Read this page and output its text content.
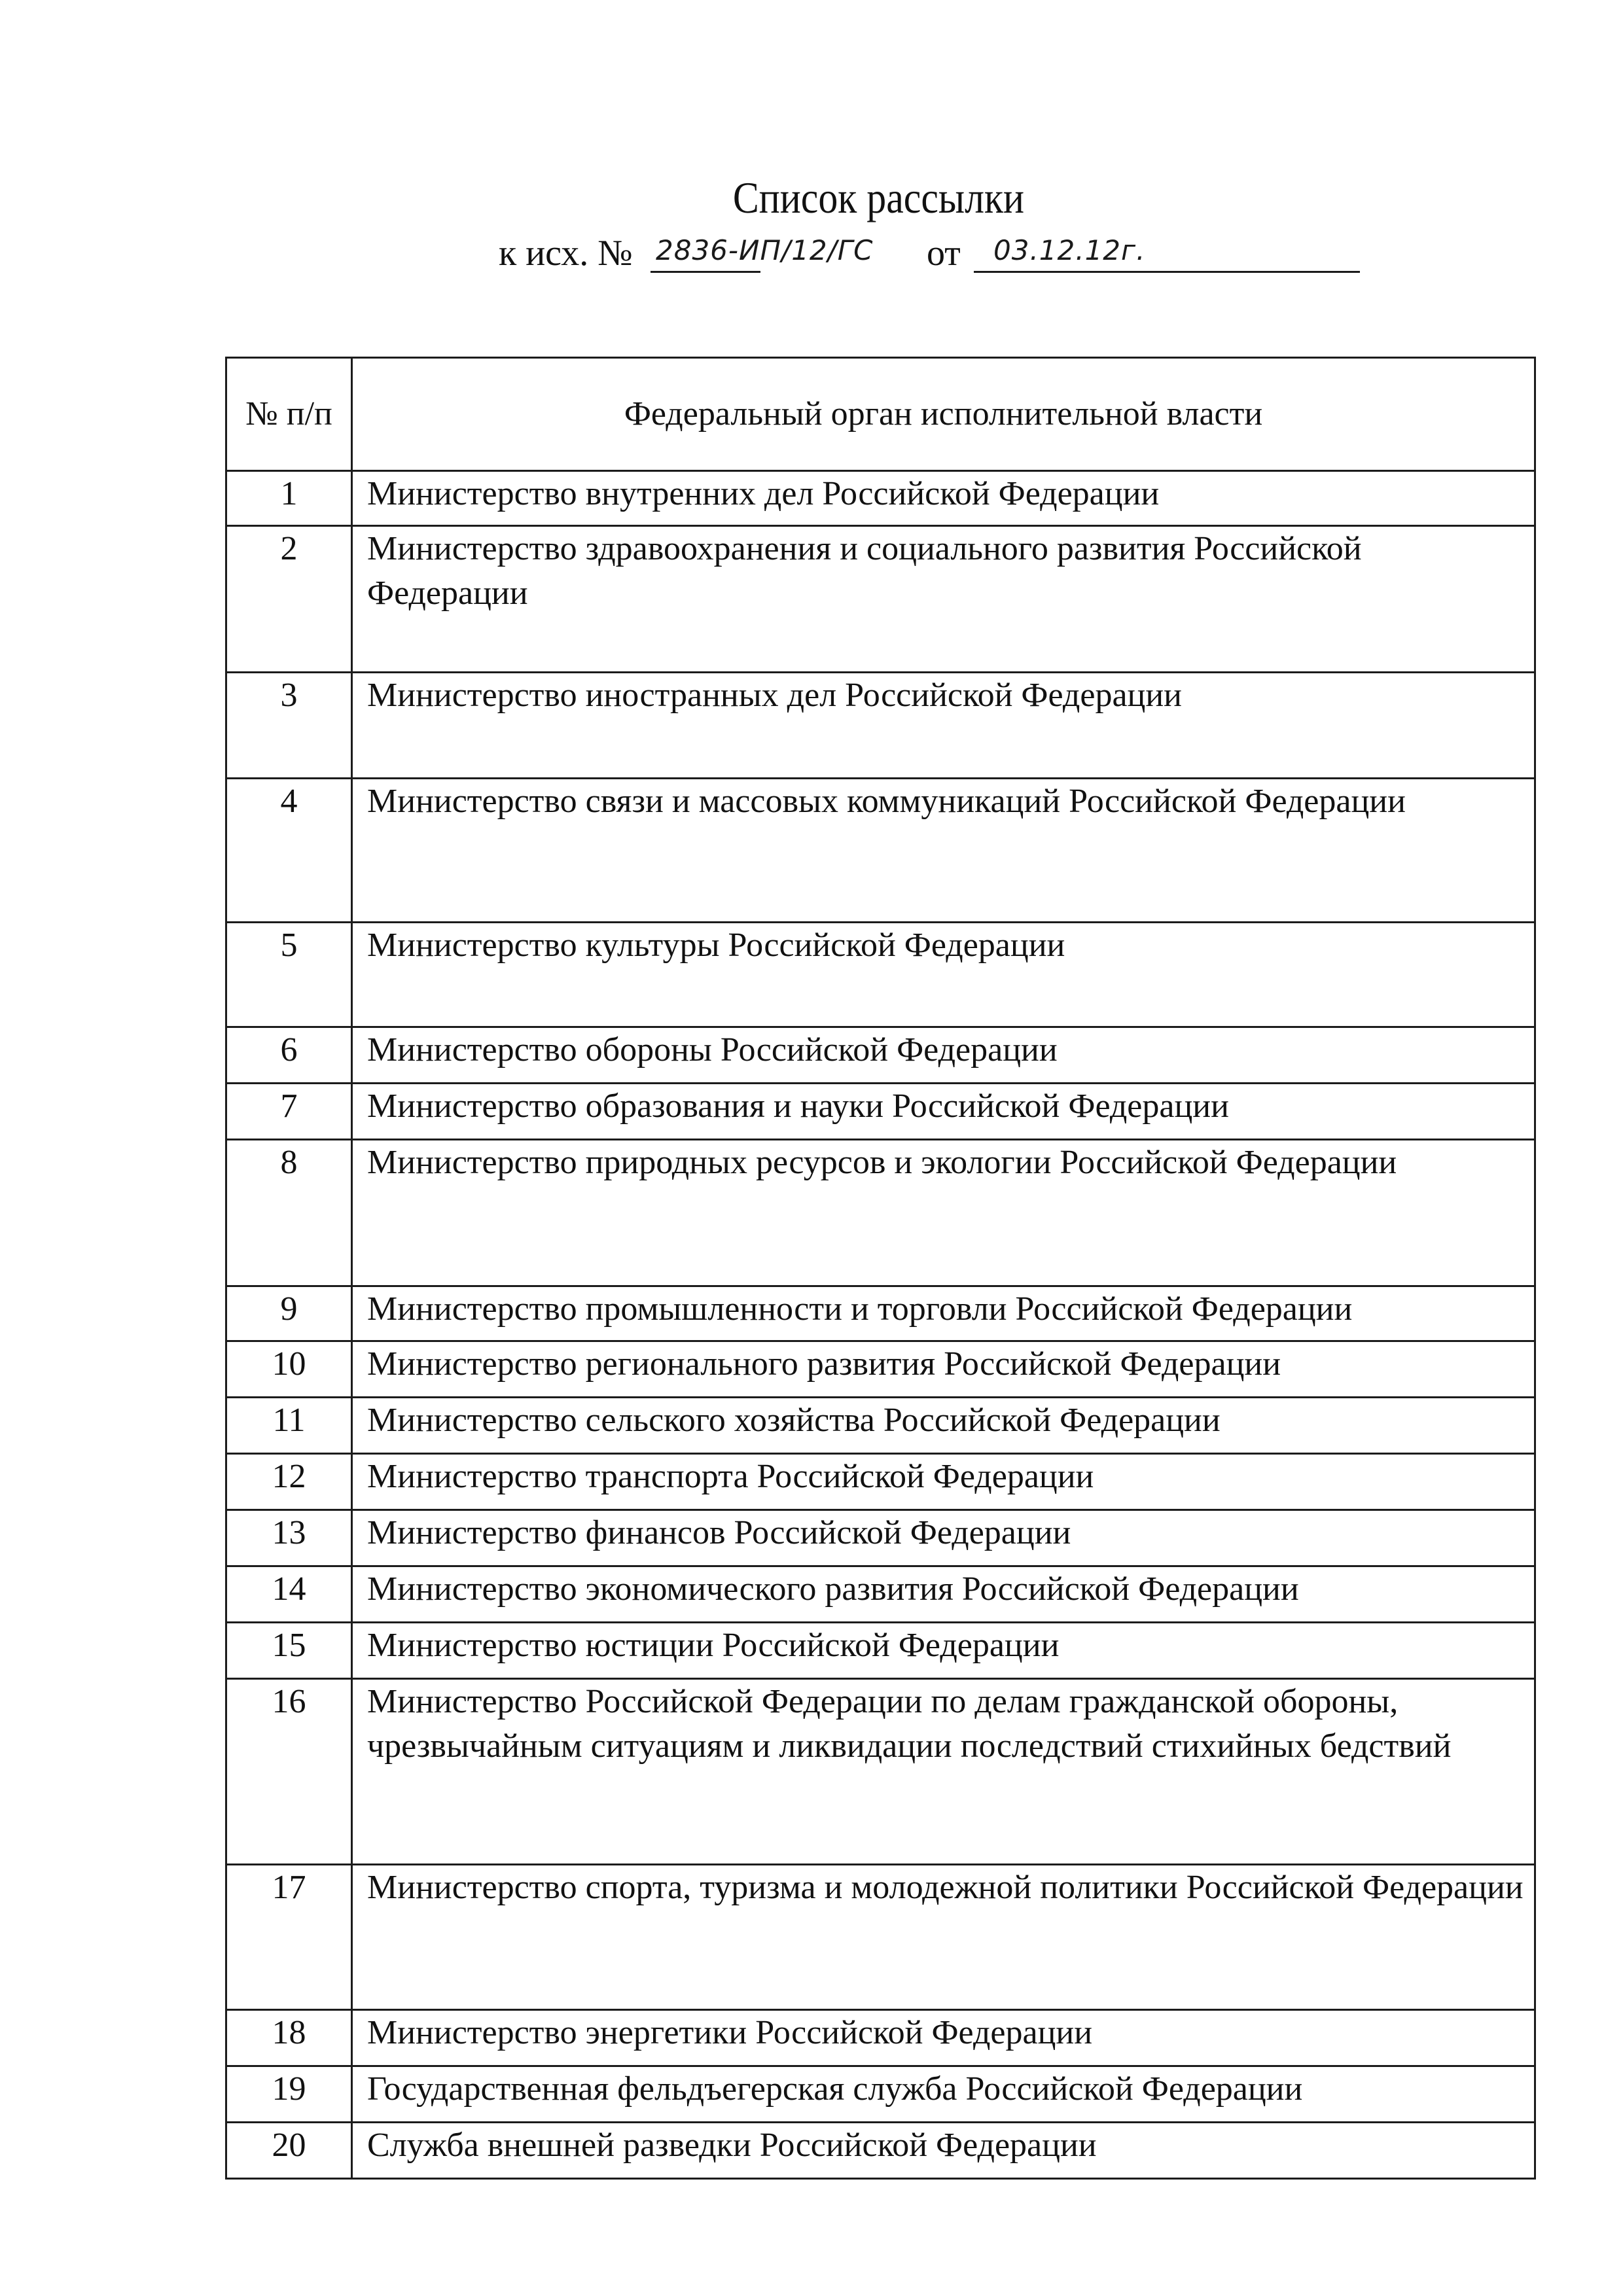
Список рассылки
к исх. № 2836-ИП/12/ГС от 03.12.12г.
№ п/п	Федеральный орган исполнительной власти
1	Министерство внутренних дел Российской Федерации
2	Министерство здравоохранения и социального развития Российской Федерации
3	Министерство иностранных дел Российской Федерации
4	Министерство связи и массовых коммуникаций Российской Федерации
5	Министерство культуры Российской Федерации
6	Министерство обороны Российской Федерации
7	Министерство образования и науки Российской Федерации
8	Министерство природных ресурсов и экологии Российской Федерации
9	Министерство промышленности и торговли Российской Федерации
10	Министерство регионального развития Российской Федерации
11	Министерство сельского хозяйства Российской Федерации
12	Министерство транспорта Российской Федерации
13	Министерство финансов Российской Федерации
14	Министерство экономического развития Российской Федерации
15	Министерство юстиции Российской Федерации
16	Министерство Российской Федерации по делам гражданской обороны, чрезвычайным ситуациям и ликвидации последствий стихийных бедствий
17	Министерство спорта, туризма и молодежной политики Российской Федерации
18	Министерство энергетики Российской Федерации
19	Государственная фельдъегерская служба Российской Федерации
20	Служба внешней разведки Российской Федерации
